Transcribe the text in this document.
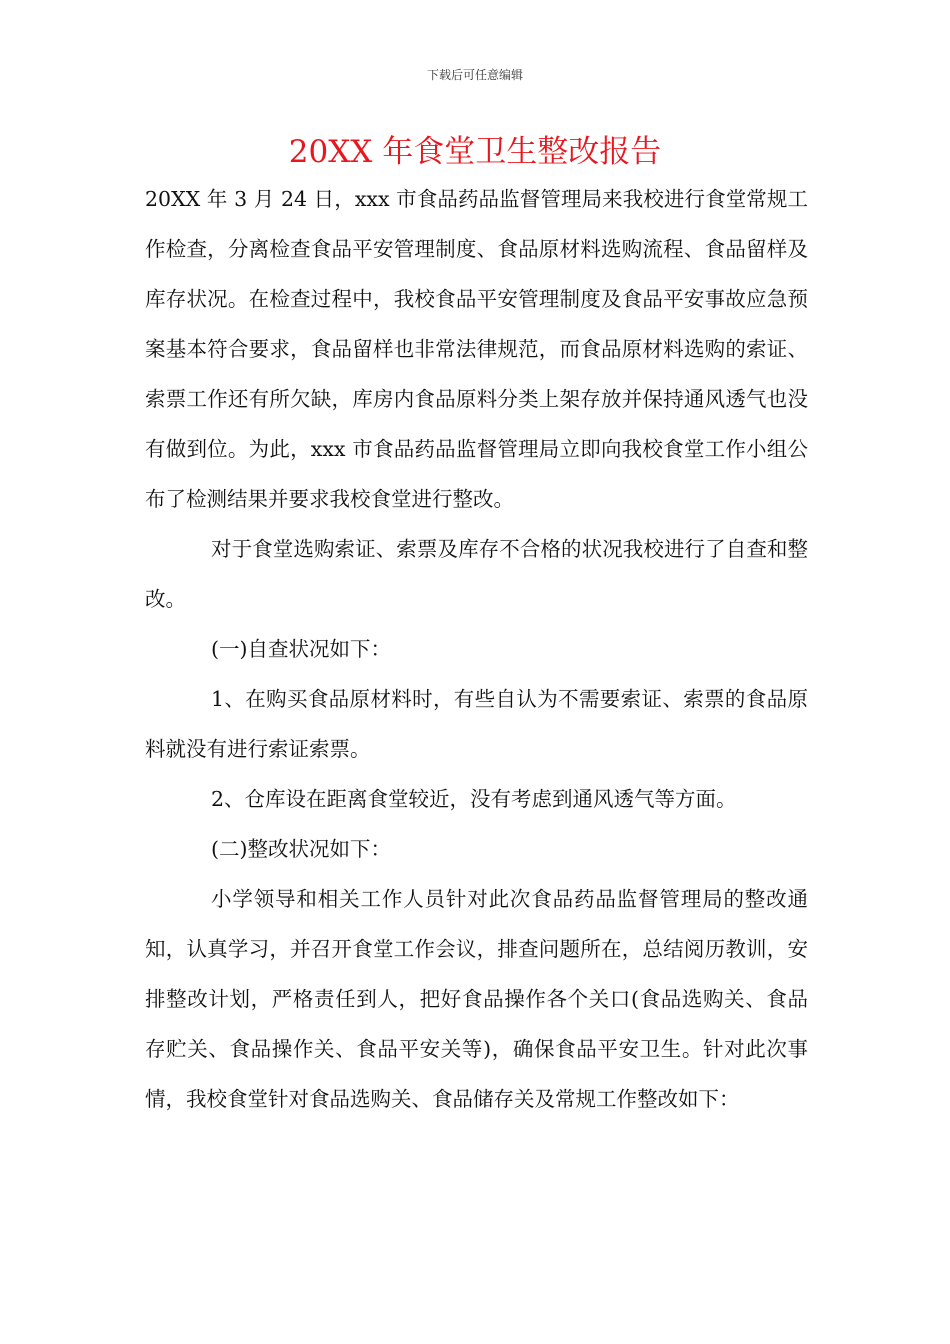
下载后可任意编辑
20XX 年食堂卫生整改报告

20XX 年 3 月 24 日，xxx 市食品药品监督管理局来我校进行食堂常规工作检查，分离检查食品平安管理制度、食品原材料选购流程、食品留样及库存状况。在检查过程中，我校食品平安管理制度及食品平安事故应急预案基本符合要求，食品留样也非常法律规范，而食品原材料选购的索证、索票工作还有所欠缺，库房内食品原料分类上架存放并保持通风透气也没有做到位。为此，xxx 市食品药品监督管理局立即向我校食堂工作小组公布了检测结果并要求我校食堂进行整改。

对于食堂选购索证、索票及库存不合格的状况我校进行了自查和整改。

(一)自查状况如下：

1、在购买食品原材料时，有些自认为不需要索证、索票的食品原料就没有进行索证索票。

2、仓库设在距离食堂较近，没有考虑到通风透气等方面。

(二)整改状况如下：

小学领导和相关工作人员针对此次食品药品监督管理局的整改通知，认真学习，并召开食堂工作会议，排查问题所在，总结阅历教训，安排整改计划，严格责任到人，把好食品操作各个关口(食品选购关、食品存贮关、食品操作关、食品平安关等)，确保食品平安卫生。针对此次事情，我校食堂针对食品选购关、食品储存关及常规工作整改如下：
